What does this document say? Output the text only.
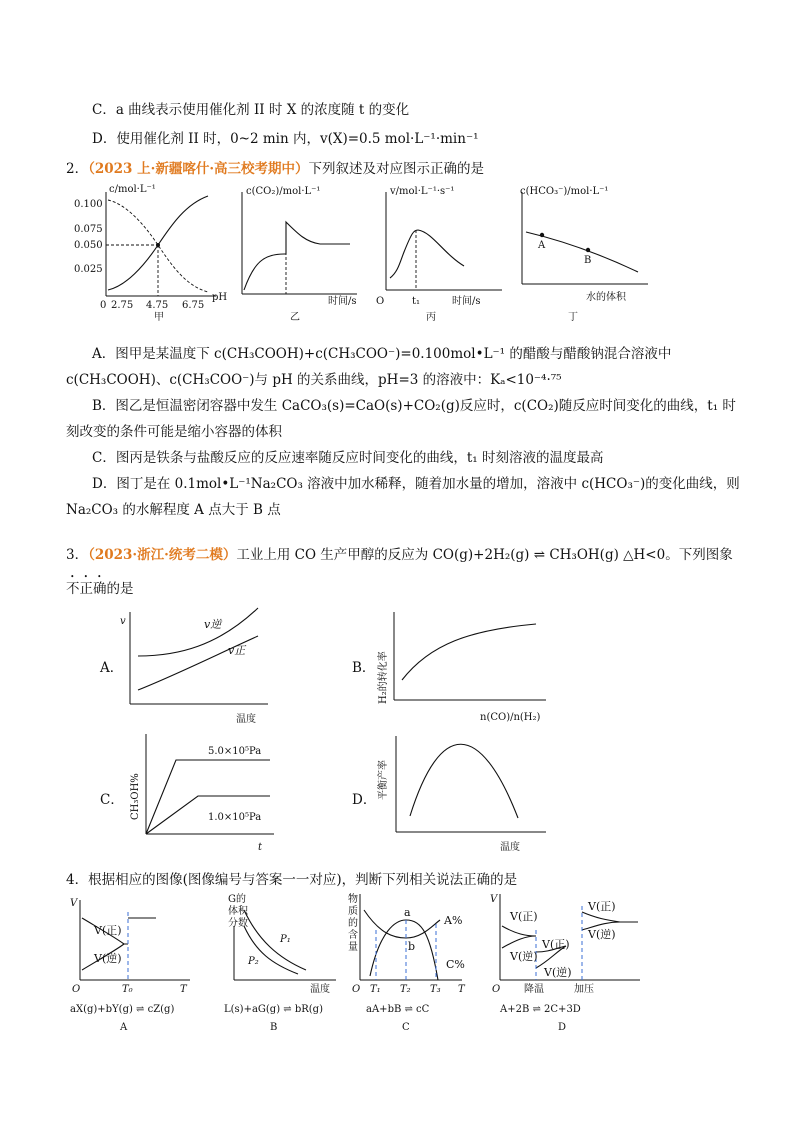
C．a 曲线表示使用催化剂 II 时 X 的浓度随 t 的变化
D．使用催化剂 II 时，0~2 min 内，v(X)=0.5 mol·L⁻¹·min⁻¹
2．（2023 上·新疆喀什·高三校考期中）下列叙述及对应图示正确的是
c/mol·L⁻¹
0.100
0.075
0.050
0.025
0 2.75 4.75 6.75
pH
甲
c(CO₂)/mol·L⁻¹
时间/s
乙
v/mol·L⁻¹·s⁻¹
O	t₁	时间/s
丙
c(HCO₃⁻)/mol·L⁻¹
A
B
水的体积
丁
A．图甲是某温度下 c(CH₃COOH)+c(CH₃COO⁻)=0.100mol•L⁻¹ 的醋酸与醋酸钠混合溶液中
c(CH₃COOH)、c(CH₃COO⁻)与 pH 的关系曲线，pH=3 的溶液中：Kₐ<10⁻⁴·⁷⁵
B．图乙是恒温密闭容器中发生 CaCO₃(s)=CaO(s)+CO₂(g)反应时，c(CO₂)随反应时间变化的曲线，t₁ 时
刻改变的条件可能是缩小容器的体积
C．图丙是铁条与盐酸反应的反应速率随反应时间变化的曲线，t₁ 时刻溶液的温度最高
D．图丁是在 0.1mol•L⁻¹Na₂CO₃ 溶液中加水稀释，随着加水量的增加，溶液中 c(HCO₃⁻)的变化曲线，则
Na₂CO₃ 的水解程度 A 点大于 B 点
3．（2023·浙江·统考二模）工业上用 CO 生产甲醇的反应为 CO(g)+2H₂(g) ⇌ CH₃OH(g) △H<0。下列图象
不正确的是
A．
v	v逆
v正
温度
B． H₂的转化率
n(CO)/n(H₂)
C． CH₃OH%
5.0×10⁵Pa
1.0×10⁵Pa
t
D． 平衡产率
温度
4．根据相应的图像(图像编号与答案一一对应)，判断下列相关说法正确的是
V
V(正)
V(逆)
O	T₀	T
aX(g)+bY(g) ⇌ cZ(g)
A
G的
体积
分数
P₁
P₂
温度
L(s)+aG(g) ⇌ bR(g)
B
物
质
的
含
量
a
b
A%
C%
O T₁ T₂ T₃ T
aA+bB ⇌ cC
C
V
V(正)
V(逆)
V(正)
V(逆)
V(正)
V(逆)
O 降温	加压
A+2B ⇌ 2C+3D
D
